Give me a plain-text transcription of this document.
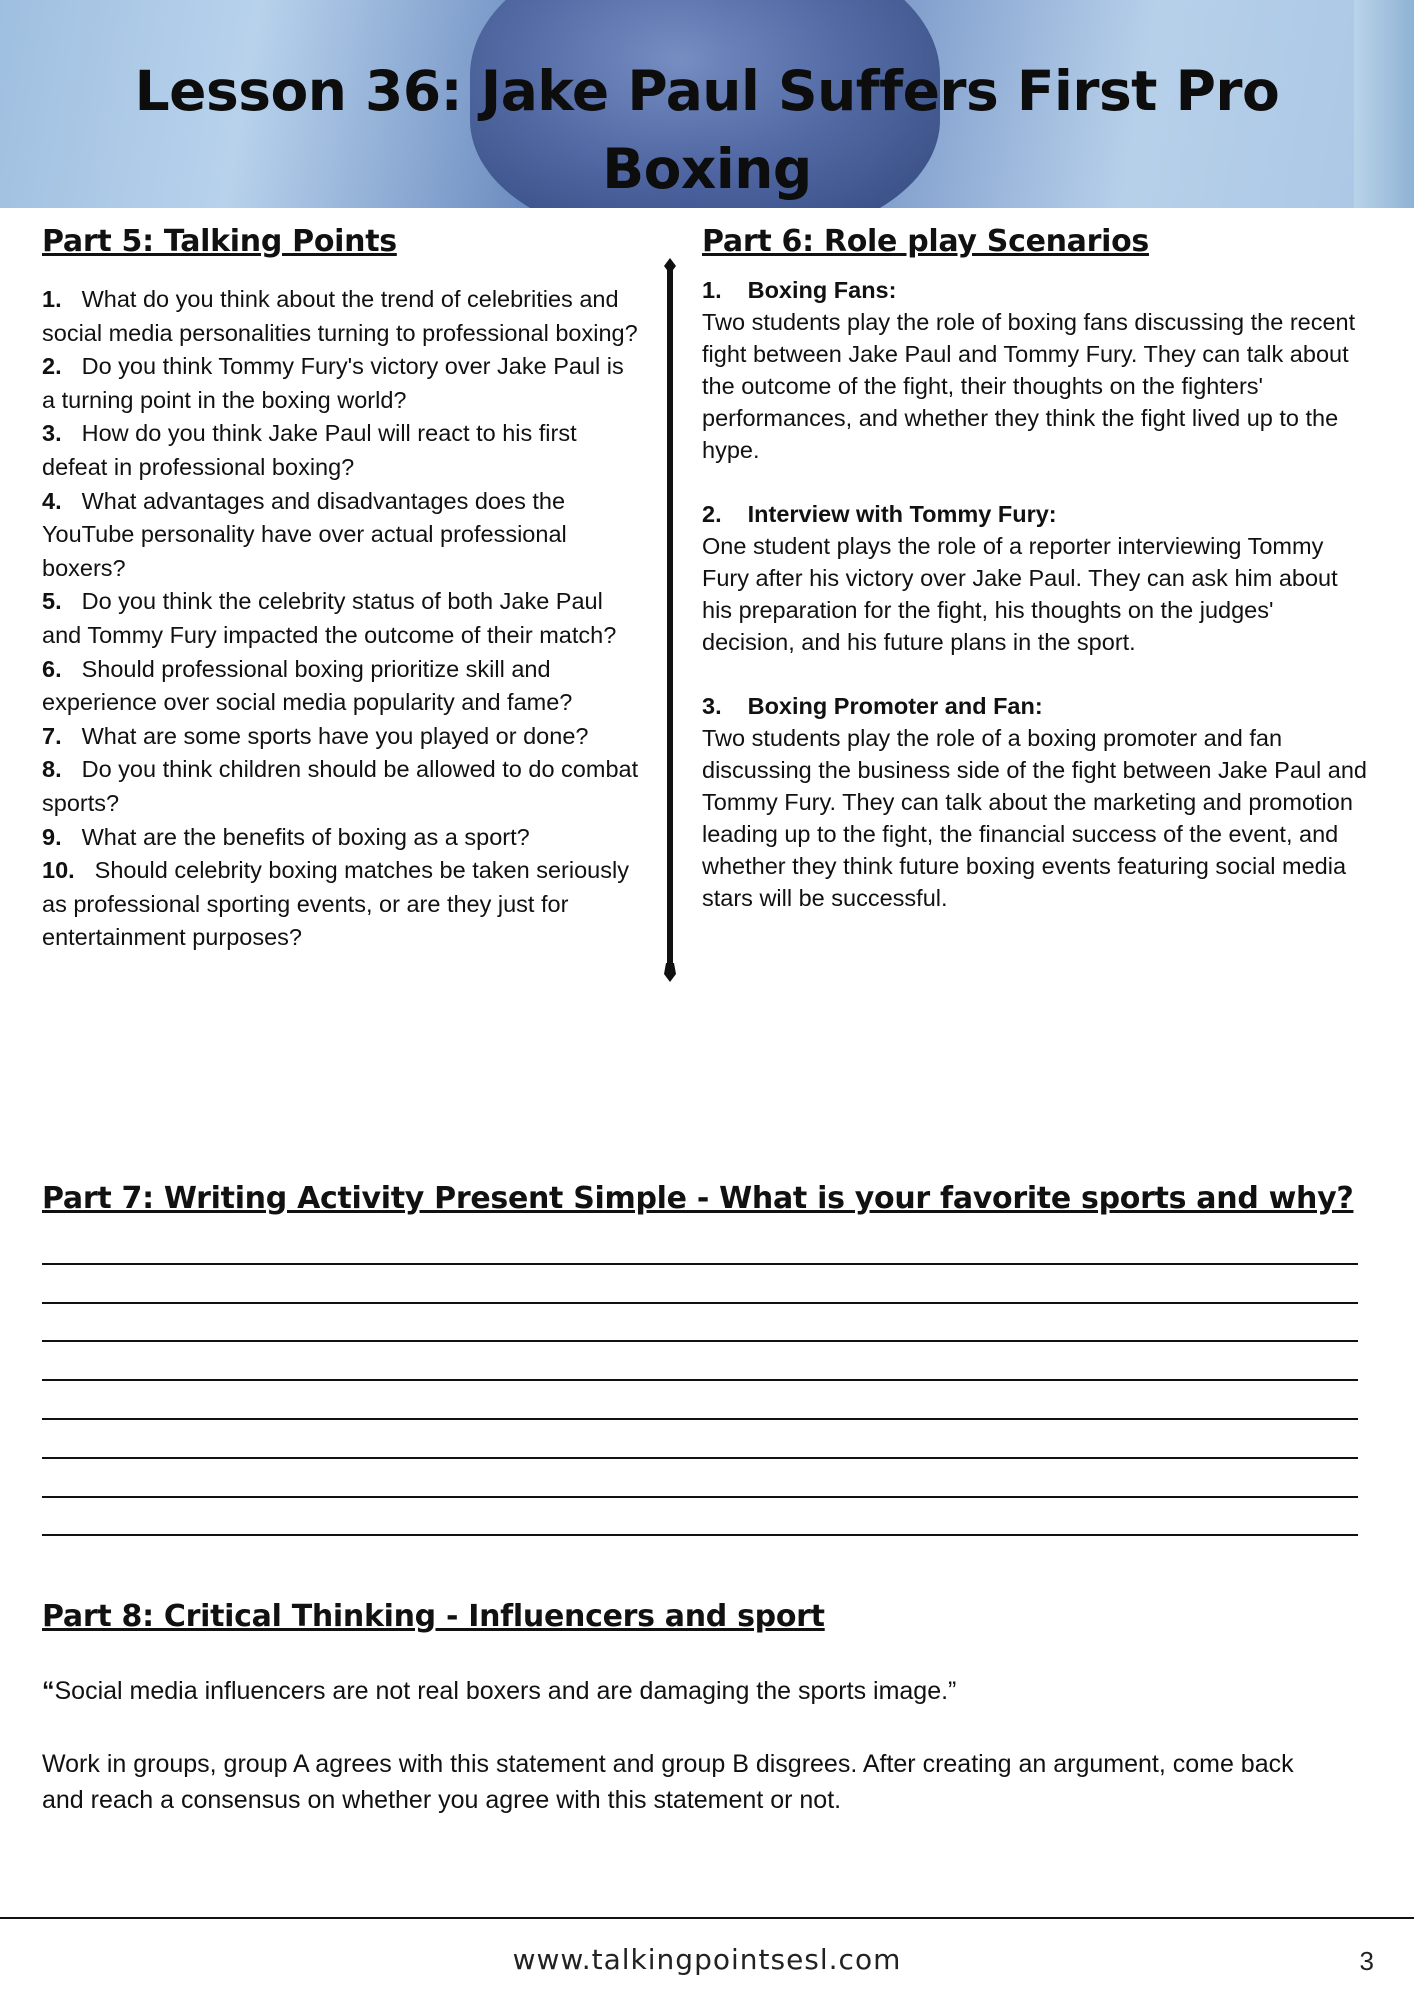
Lesson 36: Jake Paul Suffers First Pro Boxing

Part 5: Talking Points
1. What do you think about the trend of celebrities and social media personalities turning to professional boxing?
2. Do you think Tommy Fury's victory over Jake Paul is a turning point in the boxing world?
3. How do you think Jake Paul will react to his first defeat in professional boxing?
4. What advantages and disadvantages does the YouTube personality have over actual professional boxers?
5. Do you think the celebrity status of both Jake Paul and Tommy Fury impacted the outcome of their match?
6. Should professional boxing prioritize skill and experience over social media popularity and fame?
7. What are some sports have you played or done?
8. Do you think children should be allowed to do combat sports?
9. What are the benefits of boxing as a sport?
10. Should celebrity boxing matches be taken seriously as professional sporting events, or are they just for entertainment purposes?
Part 6: Role play Scenarios
1. Boxing Fans:

Two students play the role of boxing fans discussing the recent fight between Jake Paul and Tommy Fury. They can talk about the outcome of the fight, their thoughts on the fighters' performances, and whether they think the fight lived up to the hype.

2. Interview with Tommy Fury:

One student plays the role of a reporter interviewing Tommy Fury after his victory over Jake Paul. They can ask him about his preparation for the fight, his thoughts on the judges' decision, and his future plans in the sport.

3. Boxing Promoter and Fan:

Two students play the role of a boxing promoter and fan discussing the business side of the fight between Jake Paul and Tommy Fury. They can talk about the marketing and promotion leading up to the fight, the financial success of the event, and whether they think future boxing events featuring social media stars will be successful.

Part 7: Writing Activity Present Simple - What is your favorite sports and why?
Part 8: Critical Thinking - Influencers and sport

“Social media influencers are not real boxers and are damaging the sports image.”

Work in groups, group A agrees with this statement and group B disgrees. After creating an argument, come back and reach a consensus on whether you agree with this statement or not.

www.talkingpointsesl.com	3
